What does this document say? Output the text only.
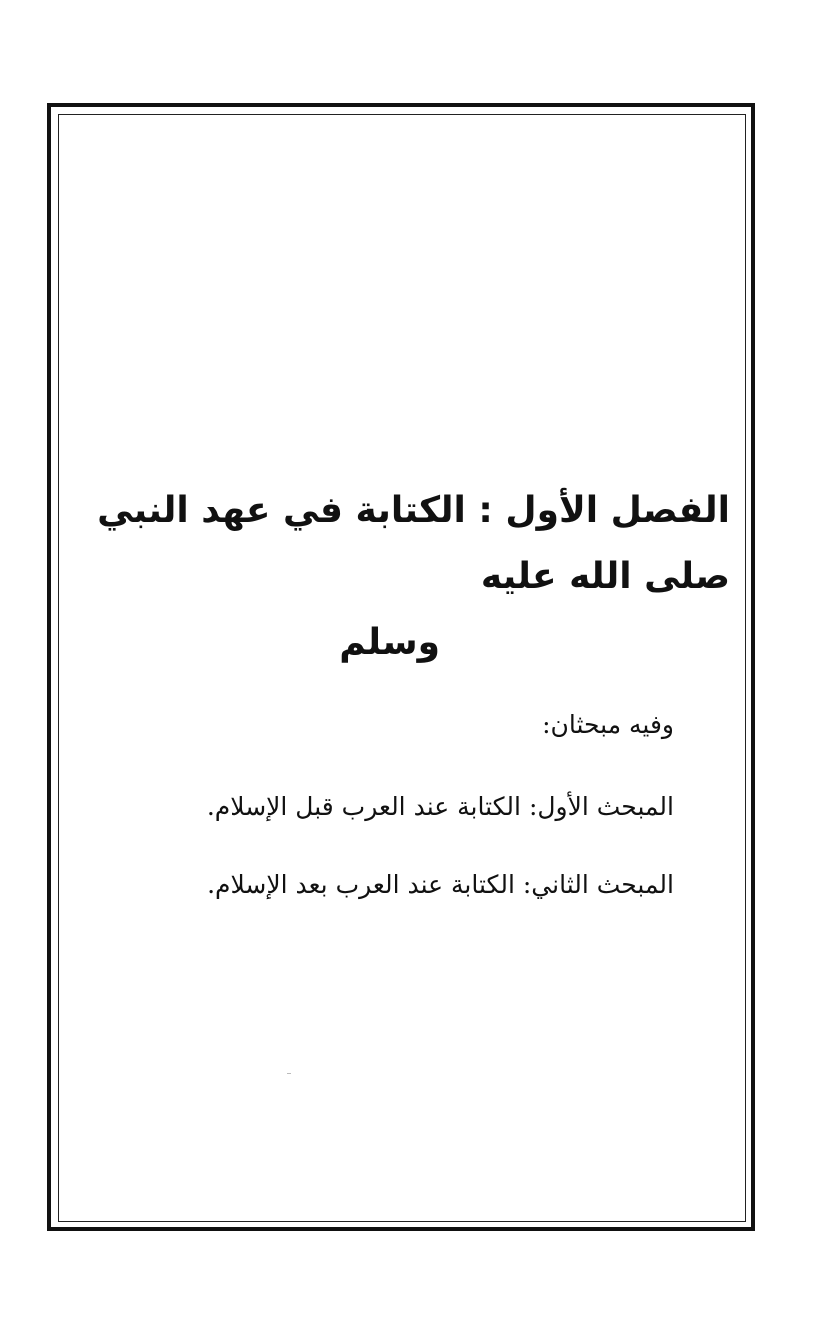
الفصل الأول : الكتابة في عهد النبي صلى الله عليه
وسلم

وفيه مبحثان:

المبحث الأول: الكتابة عند العرب قبل الإسلام.

المبحث الثاني: الكتابة عند العرب بعد الإسلام.
